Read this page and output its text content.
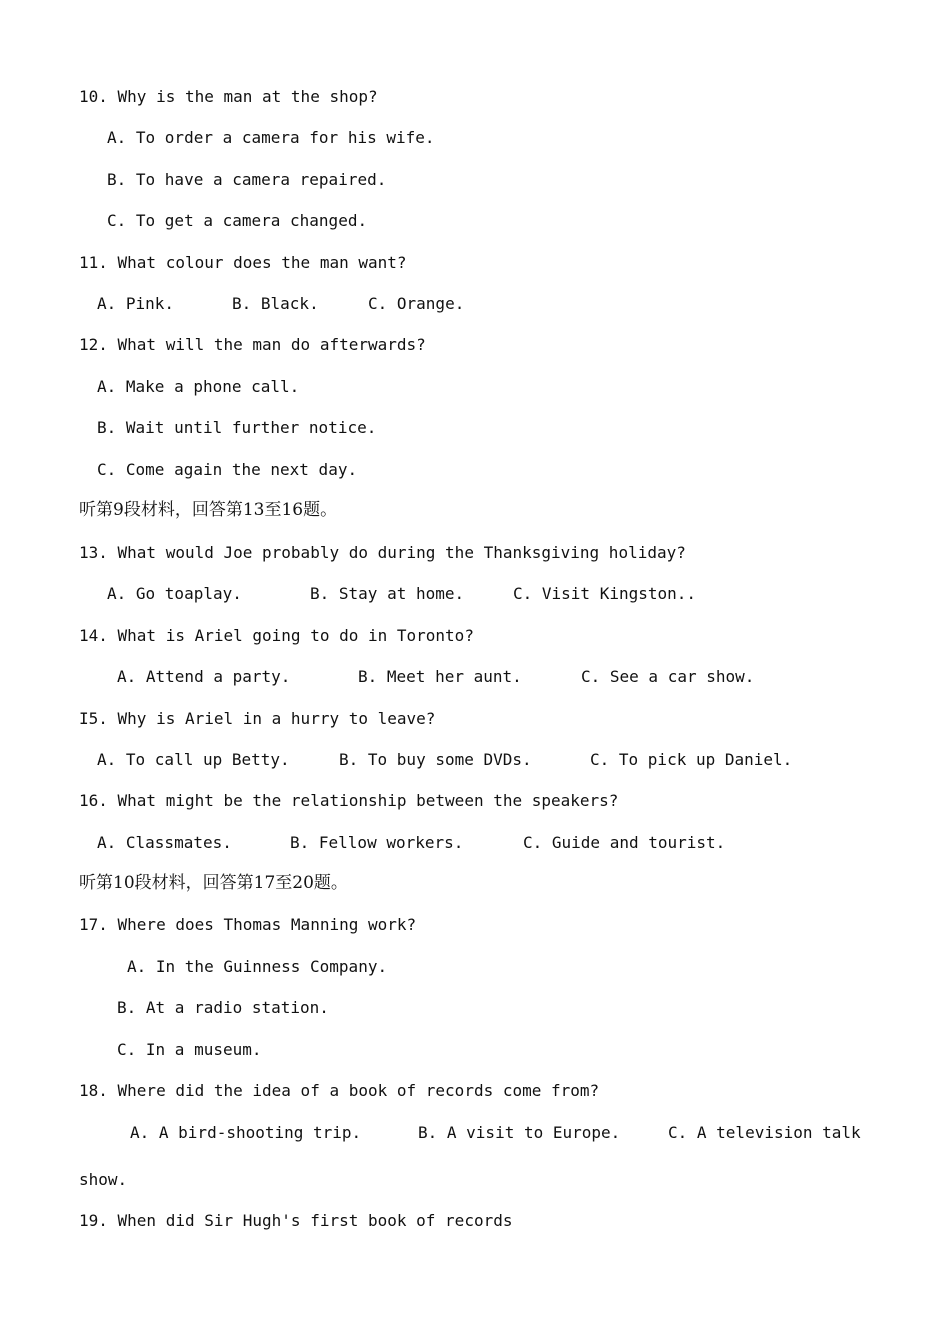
10. Why is the man at the shop?
A. To order a camera for his wife.
B. To have a camera repaired.
C. To get a camera changed.
11. What colour does the man want?
A. Pink.	B. Black.	C. Orange.
12. What will the man do afterwards?
A. Make a phone call.
B. Wait until further notice.
C. Come again the next day.
听第9段材料，回答第13至16题。
13. What would Joe probably do during the Thanksgiving holiday?
A. Go toaplay.	B. Stay at home.	C. Visit Kingston..
14. What is Ariel going to do in Toronto?
A. Attend a party.	B. Meet her aunt.	C. See a car show.
I5. Why is Ariel in a hurry to leave?
A. To call up Betty.	B. To buy some DVDs.	C. To pick up Daniel.
16. What might be the relationship between the speakers?
A. Classmates.	B. Fellow workers.	C. Guide and tourist.
听第10段材料，回答第17至20题。
17. Where does Thomas Manning work?
A. In the Guinness Company.
B. At a radio station.
C. In a museum.
18. Where did the idea of a book of records come from?
A. A bird-shooting trip.	B. A visit to Europe.	C. A television talk
show.
19. When did Sir Hugh's first book of records
